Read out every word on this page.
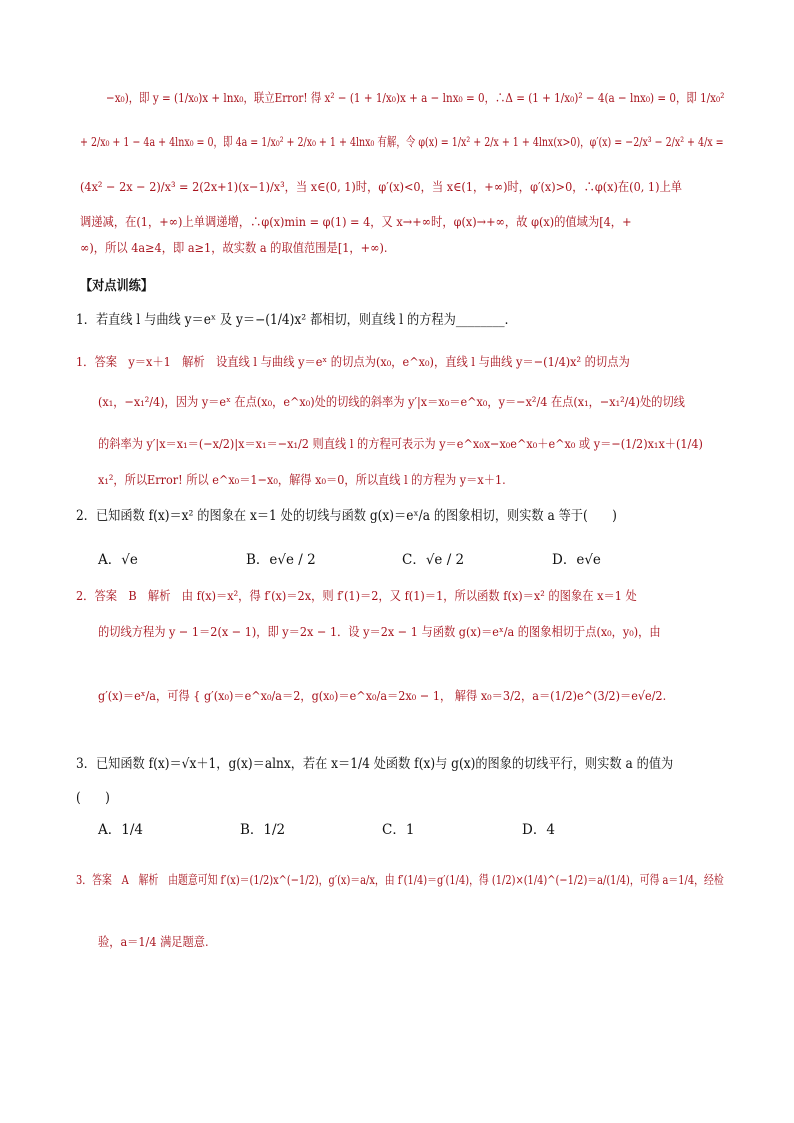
−x₀)，即 y = (1/x₀)x + lnx₀，联立Error! 得 x² − (1 + 1/x₀)x + a − lnx₀ = 0，∴Δ = (1 + 1/x₀)² − 4(a − lnx₀) = 0，即 1/x₀²
+ 2/x₀ + 1 − 4a + 4lnx₀ = 0，即 4a = 1/x₀² + 2/x₀ + 1 + 4lnx₀ 有解，令 φ(x) = 1/x² + 2/x + 1 + 4lnx(x>0)，φ′(x) = −2/x³ − 2/x² + 4/x =
(4x² − 2x − 2)/x³ = 2(2x+1)(x−1)/x³，当 x∈(0, 1)时，φ′(x)<0，当 x∈(1，+∞)时，φ′(x)>0，∴φ(x)在(0, 1)上单
调递减，在(1，+∞)上单调递增，∴φ(x)min = φ(1) = 4，又 x→+∞时，φ(x)→+∞，故 φ(x)的值域为[4，+
∞)，所以 4a≥4，即 a≥1，故实数 a 的取值范围是[1，+∞).
【对点训练】
1．若直线 l 与曲线 y＝eˣ 及 y＝−(1/4)x² 都相切，则直线 l 的方程为________．
1．答案　y＝x＋1　解析　设直线 l 与曲线 y＝eˣ 的切点为(x₀，e^x₀)，直线 l 与曲线 y＝−(1/4)x² 的切点为
(x₁，−x₁²/4)，因为 y＝eˣ 在点(x₀，e^x₀)处的切线的斜率为 y′|x＝x₀＝e^x₀，y＝−x²/4 在点(x₁，−x₁²/4)处的切线
的斜率为 y′|x＝x₁＝(−x/2)|x＝x₁＝−x₁/2 则直线 l 的方程可表示为 y＝e^x₀x−x₀e^x₀＋e^x₀ 或 y＝−(1/2)x₁x＋(1/4)
x₁²，所以Error! 所以 e^x₀＝1−x₀，解得 x₀＝0，所以直线 l 的方程为 y＝x＋1.
2．已知函数 f(x)＝x² 的图象在 x＝1 处的切线与函数 g(x)＝eˣ/a 的图象相切，则实数 a 等于(　　)
A．√e	B．e√e / 2	C．√e / 2	D．e√e
2．答案　B　解析　由 f(x)＝x²，得 f′(x)＝2x，则 f′(1)＝2，又 f(1)＝1，所以函数 f(x)＝x² 的图象在 x＝1 处
的切线方程为 y − 1＝2(x − 1)，即 y＝2x − 1．设 y＝2x − 1 与函数 g(x)＝eˣ/a 的图象相切于点(x₀，y₀)，由
g′(x)＝eˣ/a，可得 { g′(x₀)＝e^x₀/a＝2，g(x₀)＝e^x₀/a＝2x₀ − 1， 解得 x₀＝3/2，a＝(1/2)e^(3/2)＝e√e/2.
3．已知函数 f(x)＝√x＋1，g(x)＝alnx，若在 x＝1/4 处函数 f(x)与 g(x)的图象的切线平行，则实数 a 的值为
(　　)
A．1/4	B．1/2	C．1	D．4
3．答案　A　解析　由题意可知 f′(x)＝(1/2)x^(−1/2)，g′(x)＝a/x，由 f′(1/4)＝g′(1/4)，得 (1/2)×(1/4)^(−1/2)＝a/(1/4)，可得 a＝1/4，经检
验，a＝1/4 满足题意.
